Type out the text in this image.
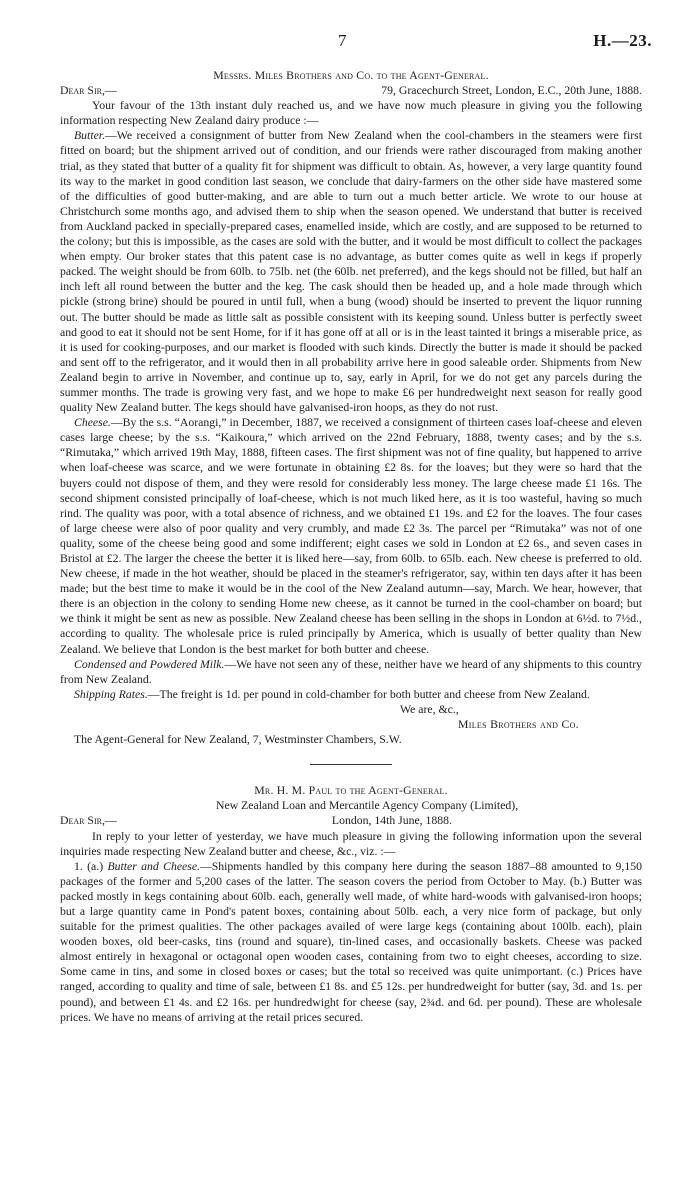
7	H.—23.

Messrs. Miles Brothers and Co. to the Agent-General.

Dear Sir,—	79, Gracechurch Street, London, E.C., 20th June, 1888.

Your favour of the 13th instant duly reached us, and we have now much pleasure in giving you the following information respecting New Zealand dairy produce :—

Butter.—We received a consignment of butter from New Zealand when the cool-chambers in the steamers were first fitted on board; but the shipment arrived out of condition, and our friends were rather discouraged from making another trial, as they stated that butter of a quality fit for shipment was difficult to obtain. As, however, a very large quantity found its way to the market in good condition last season, we conclude that dairy-farmers on the other side have mastered some of the difficulties of good butter-making, and are able to turn out a much better article. We wrote to our house at Christchurch some months ago, and advised them to ship when the season opened. We understand that butter is received from Auckland packed in specially-prepared cases, enamelled inside, which are costly, and are supposed to be returned to the colony; but this is impossible, as the cases are sold with the butter, and it would be most difficult to collect the packages when empty. Our broker states that this patent case is no advantage, as butter comes quite as well in kegs if properly packed. The weight should be from 60lb. to 75lb. net (the 60lb. net preferred), and the kegs should not be filled, but half an inch left all round between the butter and the keg. The cask should then be headed up, and a hole made through which pickle (strong brine) should be poured in until full, when a bung (wood) should be inserted to prevent the liquor running out. The butter should be made as little salt as possible consistent with its keeping sound. Unless butter is perfectly sweet and good to eat it should not be sent Home, for if it has gone off at all or is in the least tainted it brings a miserable price, as it is used for cooking-purposes, and our market is flooded with such kinds. Directly the butter is made it should be packed and sent off to the refrigerator, and it would then in all probability arrive here in good saleable order. Shipments from New Zealand begin to arrive in November, and continue up to, say, early in April, for we do not get any parcels during the summer months. The trade is growing very fast, and we hope to make £6 per hundredweight next season for really good quality New Zealand butter. The kegs should have galvanised-iron hoops, as they do not rust.

Cheese.—By the s.s. “Aorangi,” in December, 1887, we received a consignment of thirteen cases loaf-cheese and eleven cases large cheese; by the s.s. “Kaikoura,” which arrived on the 22nd February, 1888, twenty cases; and by the s.s. “Rimutaka,” which arrived 19th May, 1888, fifteen cases. The first shipment was not of fine quality, but happened to arrive when loaf-cheese was scarce, and we were fortunate in obtaining £2 8s. for the loaves; but they were so hard that the buyers could not dispose of them, and they were resold for considerably less money. The large cheese made £1 16s. The second shipment consisted principally of loaf-cheese, which is not much liked here, as it is too wasteful, having so much rind. The quality was poor, with a total absence of richness, and we obtained £1 19s. and £2 for the loaves. The four cases of large cheese were also of poor quality and very crumbly, and made £2 3s. The parcel per “Rimutaka” was not of one quality, some of the cheese being good and some indifferent; eight cases we sold in London at £2 6s., and seven cases in Bristol at £2. The larger the cheese the better it is liked here—say, from 60lb. to 65lb. each. New cheese is preferred to old. New cheese, if made in the hot weather, should be placed in the steamer's refrigerator, say, within ten days after it has been made; but the best time to make it would be in the cool of the New Zealand autumn—say, March. We hear, however, that there is an objection in the colony to sending Home new cheese, as it cannot be turned in the cool-chamber on board; but we think it might be sent as new as possible. New Zealand cheese has been selling in the shops in London at 6½d. to 7½d., according to quality. The wholesale price is ruled principally by America, which is usually of better quality than New Zealand. We believe that London is the best market for both butter and cheese.

Condensed and Powdered Milk.—We have not seen any of these, neither have we heard of any shipments to this country from New Zealand.

Shipping Rates.—The freight is 1d. per pound in cold-chamber for both butter and cheese from New Zealand.

We are, &c.,

Miles Brothers and Co.

The Agent-General for New Zealand, 7, Westminster Chambers, S.W.

Mr. H. M. Paul to the Agent-General.

New Zealand Loan and Mercantile Agency Company (Limited),

Dear Sir,—	London, 14th June, 1888.

In reply to your letter of yesterday, we have much pleasure in giving the following information upon the several inquiries made respecting New Zealand butter and cheese, &c., viz. :—

1. (a.) Butter and Cheese.—Shipments handled by this company here during the season 1887–88 amounted to 9,150 packages of the former and 5,200 cases of the latter. The season covers the period from October to May. (b.) Butter was packed mostly in kegs containing about 60lb. each, generally well made, of white hard-woods with galvanised-iron hoops; but a large quantity came in Pond's patent boxes, containing about 50lb. each, a very nice form of package, but only suitable for the primest qualities. The other packages availed of were large kegs (containing about 100lb. each), plain wooden boxes, old beer-casks, tins (round and square), tin-lined cases, and occasionally baskets. Cheese was packed almost entirely in hexagonal or octagonal open wooden cases, containing from two to eight cheeses, according to size. Some came in tins, and some in closed boxes or cases; but the total so received was quite unimportant. (c.) Prices have ranged, according to quality and time of sale, between £1 8s. and £5 12s. per hundredweight for butter (say, 3d. and 1s. per pound), and between £1 4s. and £2 16s. per hundredwight for cheese (say, 2¾d. and 6d. per pound). These are wholesale prices. We have no means of arriving at the retail prices secured.
